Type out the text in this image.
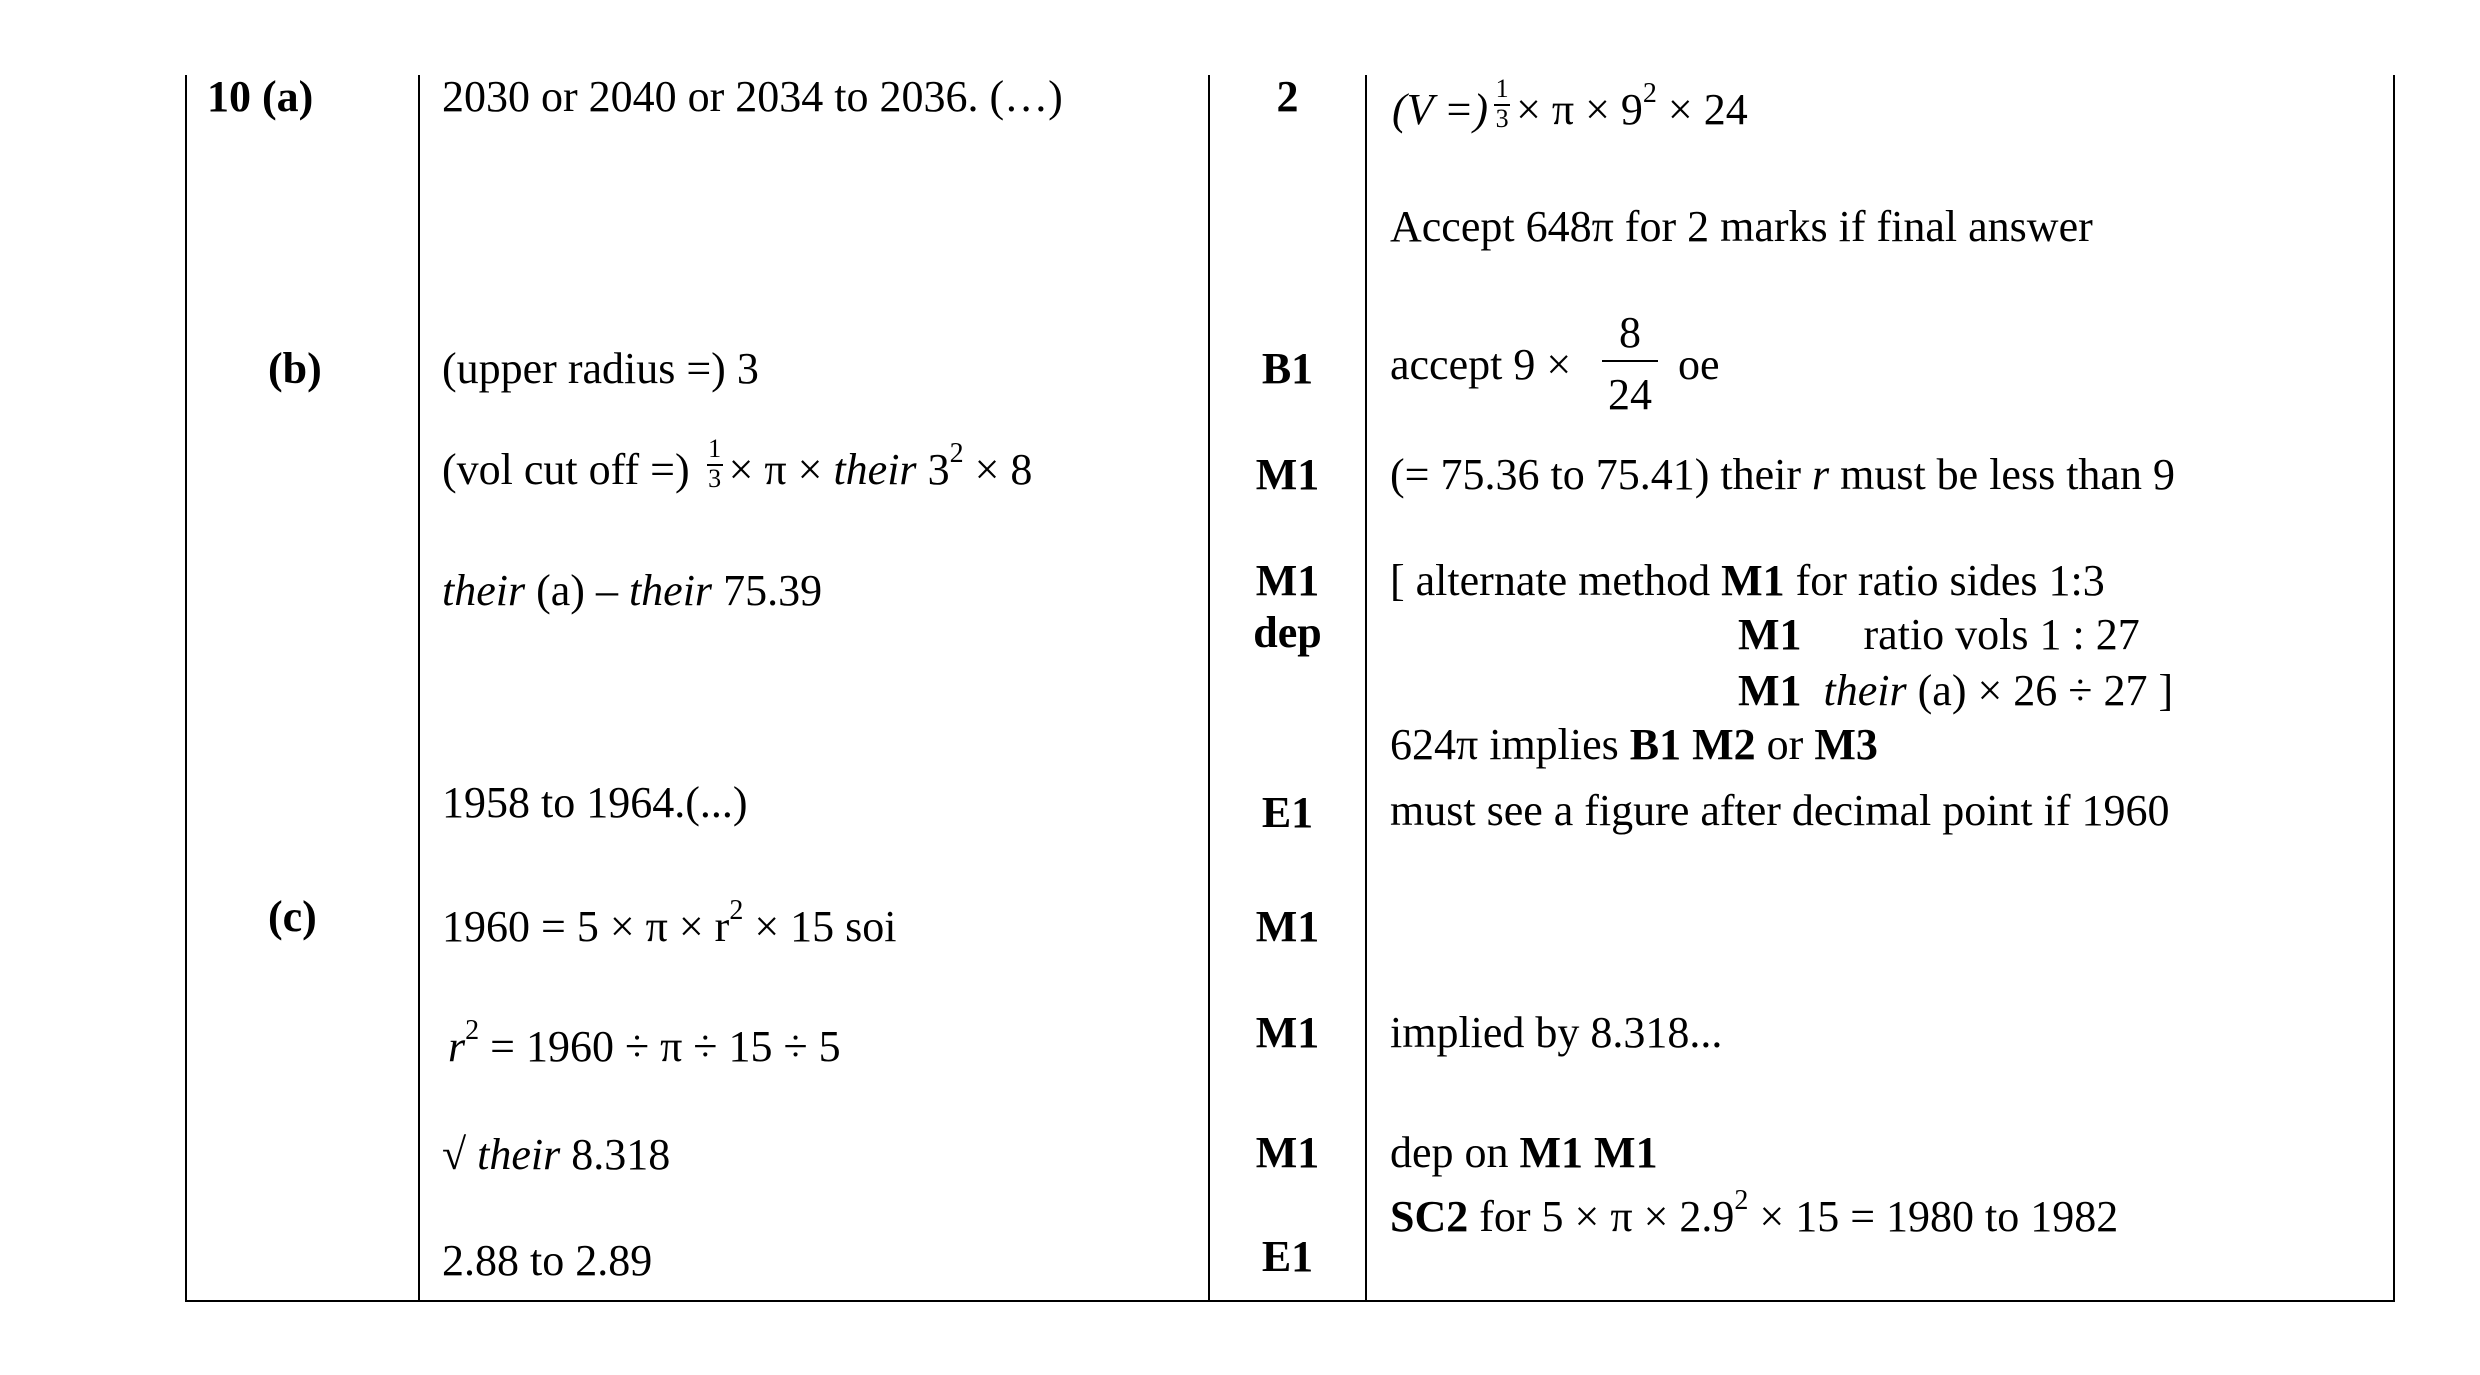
10 (a)	2030 or 2040 or 2034 to 2036. (…)	2	(V =) $\frac{1}{3} \times \pi \times 9^2 \times 24$
Accept 648π for 2 marks if final answer
(b)	(upper radius =) 3	B1	accept 9 ×
8
24
oe
(vol cut off =) $\frac{1}{3} \times \pi$ × their $3^2 \times 8$	M1	(= 75.36 to 75.41) their r must be less than 9
their (a) – their 75.39	M1
dep
[ alternate method M1 for ratio sides 1:3
M1 ratio vols 1 : 27
M1 their (a) × 26 ÷ 27 ]
624π implies B1 M2 or M3
1958 to 1964.(...)	E1	must see a figure after decimal point if 1960
(c)	$1960 = 5 \times \pi \times r^2 \times 15$ soi	M1
$r^2 = 1960 \div \pi \div 15 \div 5$	M1	implied by 8.318...
√ their 8.318	M1	dep on M1 M1
SC2 for $5 \times \pi \times 2.9^2 \times 15 = 1980$ to 1982
2.88 to 2.89	E1
